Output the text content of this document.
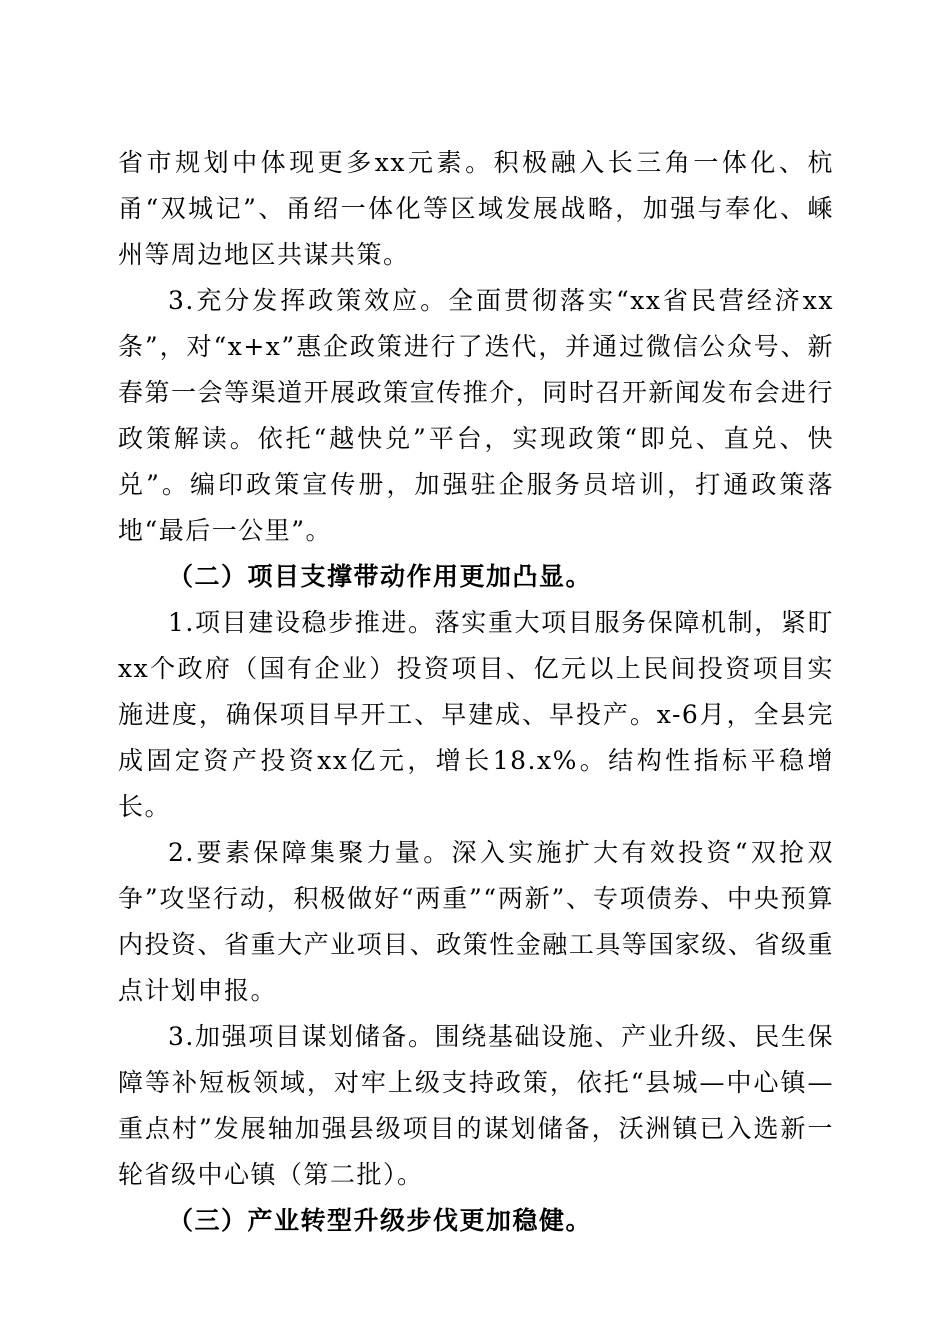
省市规划中体现更多xx元素。积极融入长三角一体化、杭甬“双城记”、甬绍一体化等区域发展战略，加强与奉化、嵊州等周边地区共谋共策。

3.充分发挥政策效应。全面贯彻落实“xx省民营经济xx条”，对“x+x”惠企政策进行了迭代，并通过微信公众号、新春第一会等渠道开展政策宣传推介，同时召开新闻发布会进行政策解读。依托“越快兑”平台，实现政策“即兑、直兑、快兑”。编印政策宣传册，加强驻企服务员培训，打通政策落地“最后一公里”。

（二）项目支撑带动作用更加凸显。

1.项目建设稳步推进。落实重大项目服务保障机制，紧盯xx个政府（国有企业）投资项目、亿元以上民间投资项目实施进度，确保项目早开工、早建成、早投产。x-6月，全县完成固定资产投资xx亿元，增长18.x%。结构性指标平稳增长。

2.要素保障集聚力量。深入实施扩大有效投资“双抢双争”攻坚行动，积极做好“两重”“两新”、专项债券、中央预算内投资、省重大产业项目、政策性金融工具等国家级、省级重点计划申报。

3.加强项目谋划储备。围绕基础设施、产业升级、民生保障等补短板领域，对牢上级支持政策，依托“县城—中心镇—重点村”发展轴加强县级项目的谋划储备，沃洲镇已入选新一轮省级中心镇（第二批）。

（三）产业转型升级步伐更加稳健。
